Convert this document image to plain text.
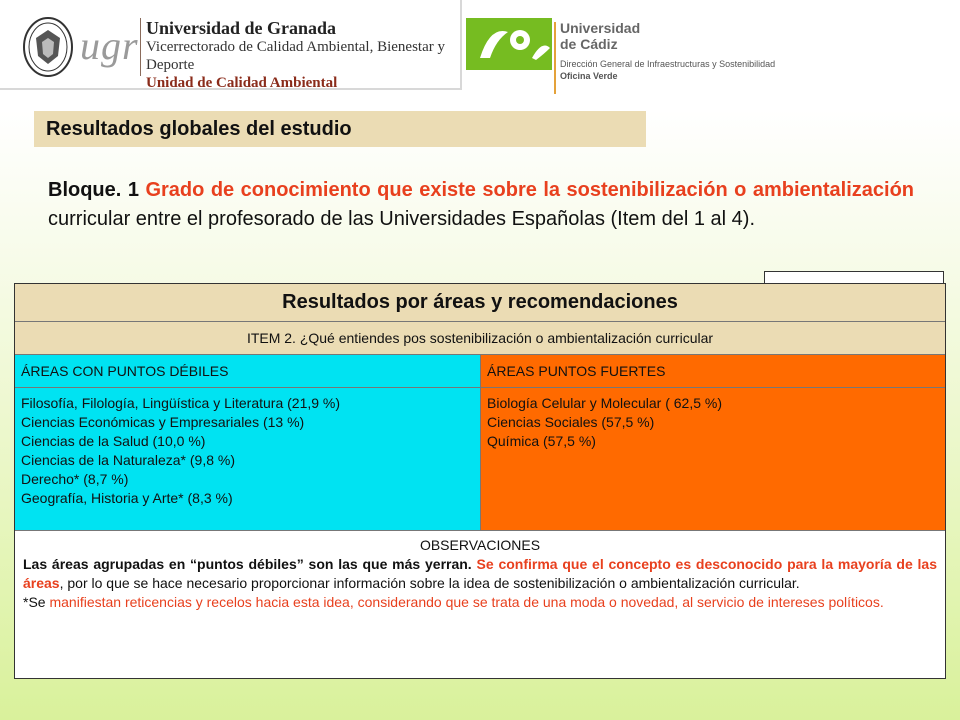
ugr Universidad de Granada
Vicerrectorado de Calidad Ambiental, Bienestar y Deporte
Unidad de Calidad Ambiental
Universidad
de Cádiz
Dirección General de Infraestructuras y Sostenibilidad
Oficina Verde
Resultados globales del estudio
Bloque. 1 Grado de conocimiento que existe sobre la sostenibilización o ambientalización curricular entre el profesorado de las Universidades Españolas (Item del 1 al 4).
Resultados por áreas y recomendaciones
ITEM 2. ¿Qué entiendes pos sostenibilización o ambientalización curricular
ÁREAS CON PUNTOS DÉBILES	ÁREAS PUNTOS FUERTES
Filosofía, Filología, Lingüística y Literatura (21,9 %)
Ciencias Económicas y Empresariales (13 %)
Ciencias de la Salud (10,0 %)
Ciencias de la Naturaleza* (9,8 %)
Derecho* (8,7 %)
Geografía, Historia y Arte* (8,3 %)
Biología Celular y Molecular ( 62,5 %)
Ciencias Sociales (57,5 %)
Química (57,5 %)
OBSERVACIONES
Las áreas agrupadas en “puntos débiles” son las que más yerran. Se confirma que el concepto es desconocido para la mayoría de las áreas, por lo que se hace necesario proporcionar información sobre la idea de sostenibilización o ambientalización curricular.
*Se manifiestan reticencias y recelos hacia esta idea, considerando que se trata de una moda o novedad, al servicio de intereses políticos.
